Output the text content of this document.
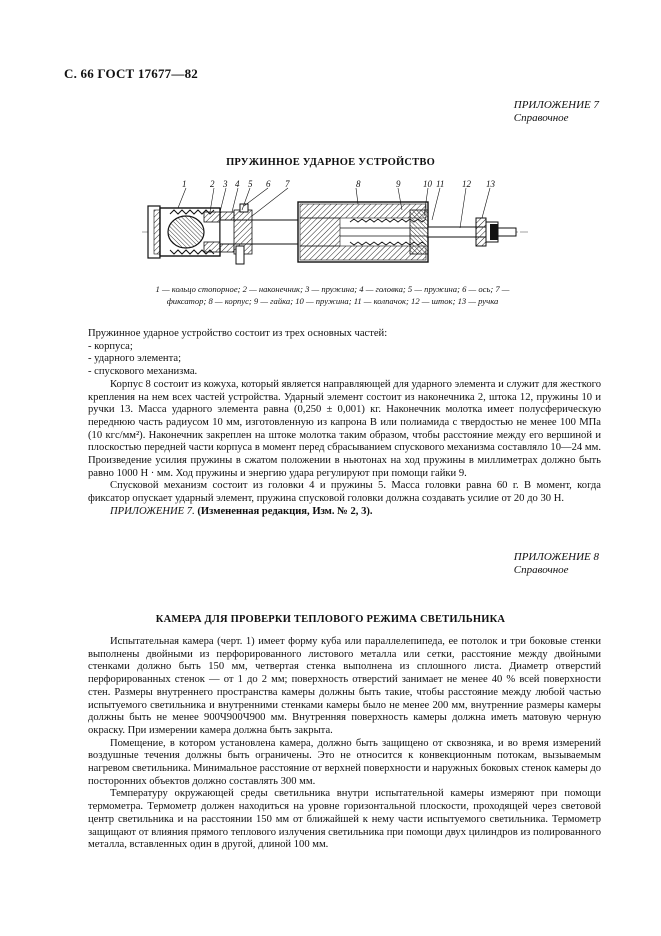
С. 66 ГОСТ 17677—82
ПРИЛОЖЕНИЕ 7
Справочное
ПРУЖИННОЕ УДАРНОЕ УСТРОЙСТВО
1	2 3 4 5 6 7	8	9	10 11 12 13
1 — кольцо стопорное; 2 — наконечник; 3 — пружина; 4 — головка; 5 — пружина; 6 — ось; 7 — фиксатор; 8 — корпус; 9 — гайка; 10 — пружина; 11 — колпачок; 12 — шток; 13 — ручка

Пружинное ударное устройство состоит из трех основных частей:

- корпуса;

- ударного элемента;

- спускового механизма.

Корпус 8 состоит из кожуха, который является направляющей для ударного элемента и служит для жесткого крепления на нем всех частей устройства. Ударный элемент состоит из наконечника 2, штока 12, пружины 10 и ручки 13. Масса ударного элемента равна (0,250 ± 0,001) кг. Наконечник молотка имеет полусферическую переднюю часть радиусом 10 мм, изготовленную из капрона В или полиамида с твердостью не менее 100 МПа (10 кгс/мм²). Наконечник закреплен на штоке молотка таким образом, чтобы расстояние между его вершиной и плоскостью передней части корпуса в момент перед сбрасыванием спускового механизма составляло 10—24 мм. Произведение усилия пружины в сжатом положении в ньютонах на ход пружины в миллиметрах должно быть равно 1000 Н · мм. Ход пружины и энергию удара регулируют при помощи гайки 9.

Спусковой механизм состоит из головки 4 и пружины 5. Масса головки равна 60 г. В момент, когда фиксатор опускает ударный элемент, пружина спусковой головки должна создавать усилие от 20 до 30 Н.

ПРИЛОЖЕНИЕ 7. (Измененная редакция, Изм. № 2, 3).

ПРИЛОЖЕНИЕ 8
Справочное
КАМЕРА ДЛЯ ПРОВЕРКИ ТЕПЛОВОГО РЕЖИМА СВЕТИЛЬНИКА

Испытательная камера (черт. 1) имеет форму куба или параллелепипеда, ее потолок и три боковые стенки выполнены двойными из перфорированного листового металла или сетки, расстояние между двойными стенками должно быть 150 мм, четвертая стенка выполнена из сплошного листа. Диаметр отверстий перфорированных стенок — от 1 до 2 мм; поверхность отверстий занимает не менее 40 % всей поверхности стен. Размеры внутреннего пространства камеры должны быть такие, чтобы расстояние между любой частью испытуемого светильника и внутренними стенками камеры было не менее 200 мм, внутренние размеры камеры должны быть не менее 900Ч900Ч900 мм. Внутренняя поверхность камеры должна иметь матовую черную окраску. При измерении камера должна быть закрыта.

Помещение, в котором установлена камера, должно быть защищено от сквозняка, и во время измерений воздушные течения должны быть ограничены. Это не относится к конвекционным потокам, вызываемым нагревом светильника. Минимальное расстояние от верхней поверхности и наружных боковых стенок камеры до посторонних объектов должно составлять 300 мм.

Температуру окружающей среды светильника внутри испытательной камеры измеряют при помощи термометра. Термометр должен находиться на уровне горизонтальной плоскости, проходящей через световой центр светильника и на расстоянии 150 мм от ближайшей к нему части испытуемого светильника. Термометр защищают от влияния прямого теплового излучения светильника при помощи двух цилиндров из полированного металла, вставленных один в другой, длиной 100 мм.
